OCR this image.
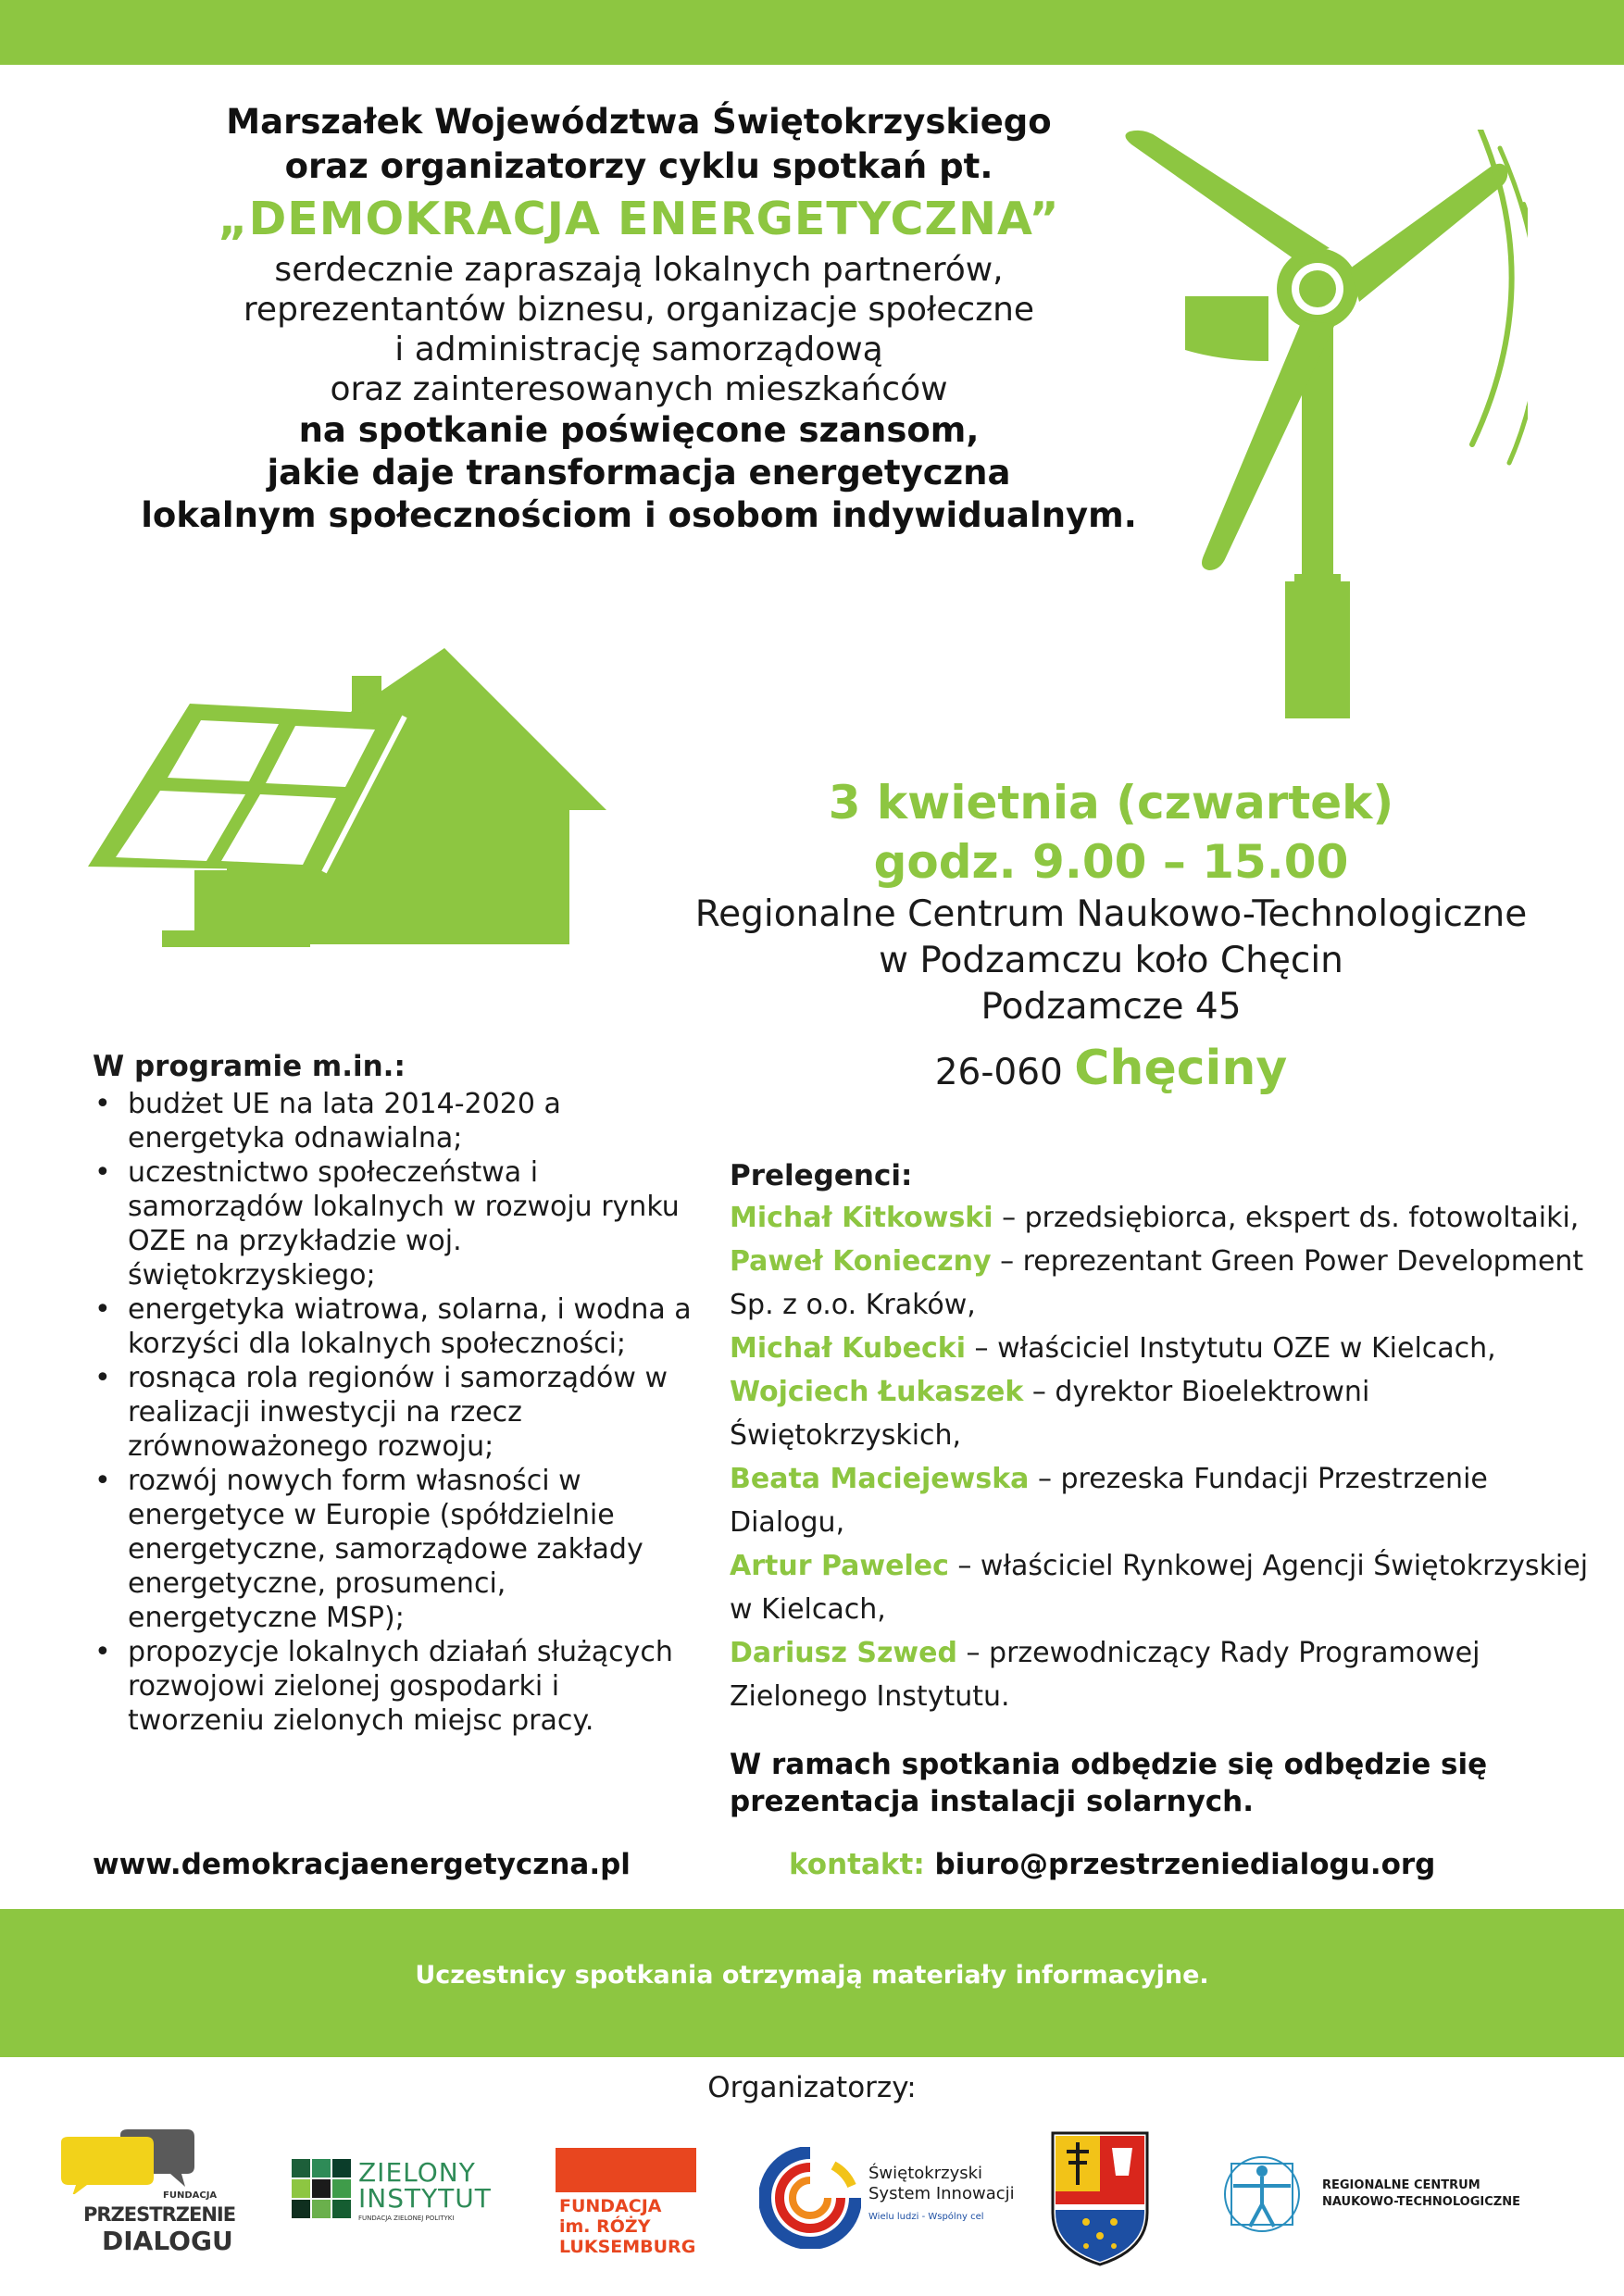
Marszałek Województwa Świętokrzyskiego
oraz organizatorzy cyklu spotkań pt.
„DEMOKRACJA ENERGETYCZNA”
serdecznie zapraszają lokalnych partnerów,
reprezentantów biznesu, organizacje społeczne
i administrację samorządową
oraz zainteresowanych mieszkańców
na spotkanie poświęcone szansom,
jakie daje transformacja energetyczna
lokalnym społecznościom i osobom indywidualnym.
3 kwietnia (czwartek)
godz. 9.00 – 15.00
Regionalne Centrum Naukowo-Technologiczne
w Podzamczu koło Chęcin
Podzamcze 45
26-060 Chęciny
W programie m.in.:
• budżet UE na lata 2014-2020 a energetyka odnawialna;
• uczestnictwo społeczeństwa i samorządów lokalnych w rozwoju rynku OZE na przykładzie woj. świętokrzyskiego;
• energetyka wiatrowa, solarna, i wodna a korzyści dla lokalnych społeczności;
• rosnąca rola regionów i samorządów w realizacji inwestycji na rzecz zrównoważonego rozwoju;
• rozwój nowych form własności w energetyce w Europie (spółdzielnie energetyczne, samorządowe zakłady energetyczne, prosumenci, energetyczne MSP);
• propozycje lokalnych działań służących rozwojowi zielonej gospodarki i tworzeniu zielonych miejsc pracy.
Prelegenci:
Michał Kitkowski – przedsiębiorca, ekspert ds. fotowoltaiki,
Paweł Konieczny – reprezentant Green Power Development Sp. z o.o. Kraków,
Michał Kubecki – właściciel Instytutu OZE w Kielcach,
Wojciech Łukaszek – dyrektor Bioelektrowni Świętokrzyskich,
Beata Maciejewska – prezeska Fundacji Przestrzenie Dialogu,
Artur Pawelec – właściciel Rynkowej Agencji Świętokrzyskiej w Kielcach,
Dariusz Szwed – przewodniczący Rady Programowej Zielonego Instytutu.
W ramach spotkania odbędzie się odbędzie się prezentacja instalacji solarnych.
www.demokracjaenergetyczna.pl	kontakt: biuro@przestrzeniedialogu.org
Uczestnicy spotkania otrzymają materiały informacyjne.
Organizatorzy:
FUNDACJA
PRZESTRZENIE
DIALOGU
ZIELONY
INSTYTUT
FUNDACJA ZIELONEJ POLITYKI
FUNDACJA
im. RÓŻY
LUKSEMBURG
Świętokrzyski
System Innowacji
Wielu ludzi - Wspólny cel
REGIONALNE CENTRUM
NAUKOWO-TECHNOLOGICZNE
